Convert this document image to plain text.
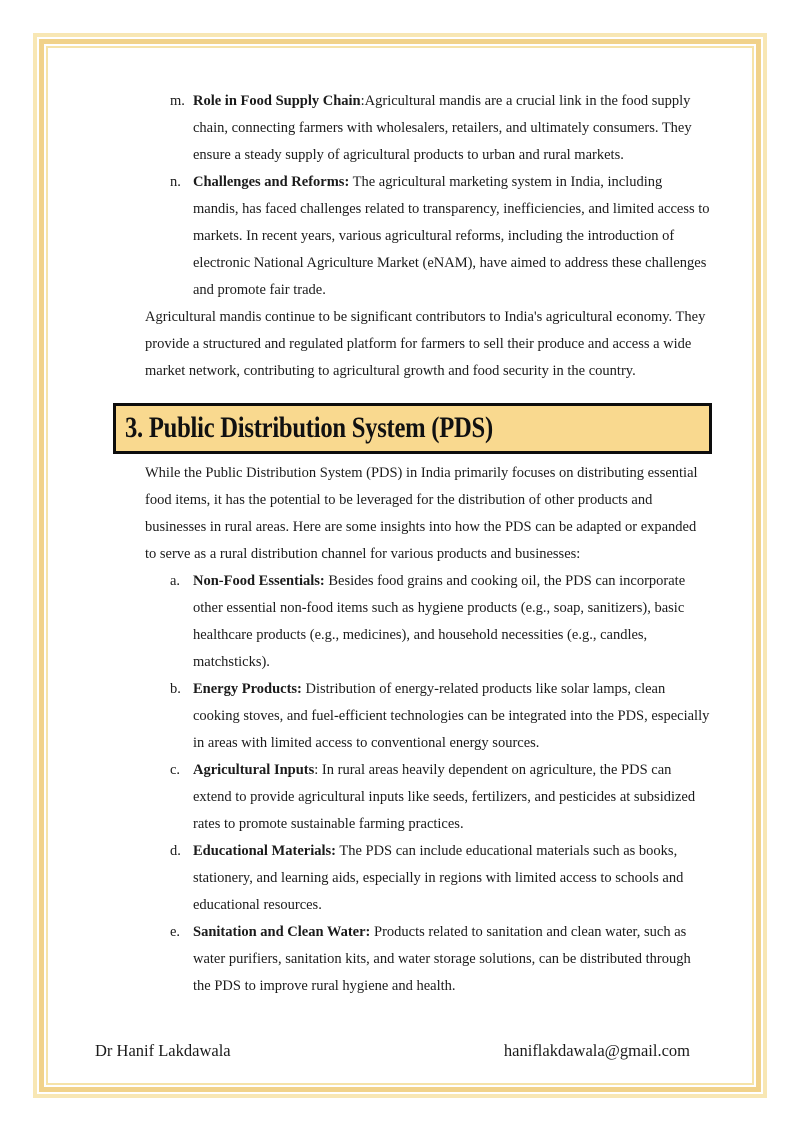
m. Role in Food Supply Chain:Agricultural mandis are a crucial link in the food supply chain, connecting farmers with wholesalers, retailers, and ultimately consumers. They ensure a steady supply of agricultural products to urban and rural markets.
n. Challenges and Reforms: The agricultural marketing system in India, including mandis, has faced challenges related to transparency, inefficiencies, and limited access to markets. In recent years, various agricultural reforms, including the introduction of electronic National Agriculture Market (eNAM), have aimed to address these challenges and promote fair trade.

Agricultural mandis continue to be significant contributors to India's agricultural economy. They provide a structured and regulated platform for farmers to sell their produce and access a wide market network, contributing to agricultural growth and food security in the country.

3. Public Distribution System (PDS)

While the Public Distribution System (PDS) in India primarily focuses on distributing essential food items, it has the potential to be leveraged for the distribution of other products and businesses in rural areas. Here are some insights into how the PDS can be adapted or expanded to serve as a rural distribution channel for various products and businesses:

a. Non-Food Essentials: Besides food grains and cooking oil, the PDS can incorporate other essential non-food items such as hygiene products (e.g., soap, sanitizers), basic healthcare products (e.g., medicines), and household necessities (e.g., candles, matchsticks).
b. Energy Products: Distribution of energy-related products like solar lamps, clean cooking stoves, and fuel-efficient technologies can be integrated into the PDS, especially in areas with limited access to conventional energy sources.
c. Agricultural Inputs: In rural areas heavily dependent on agriculture, the PDS can extend to provide agricultural inputs like seeds, fertilizers, and pesticides at subsidized rates to promote sustainable farming practices.
d. Educational Materials: The PDS can include educational materials such as books, stationery, and learning aids, especially in regions with limited access to schools and educational resources.
e. Sanitation and Clean Water: Products related to sanitation and clean water, such as water purifiers, sanitation kits, and water storage solutions, can be distributed through the PDS to improve rural hygiene and health.
Dr Hanif Lakdawala	haniflakdawala@gmail.com
